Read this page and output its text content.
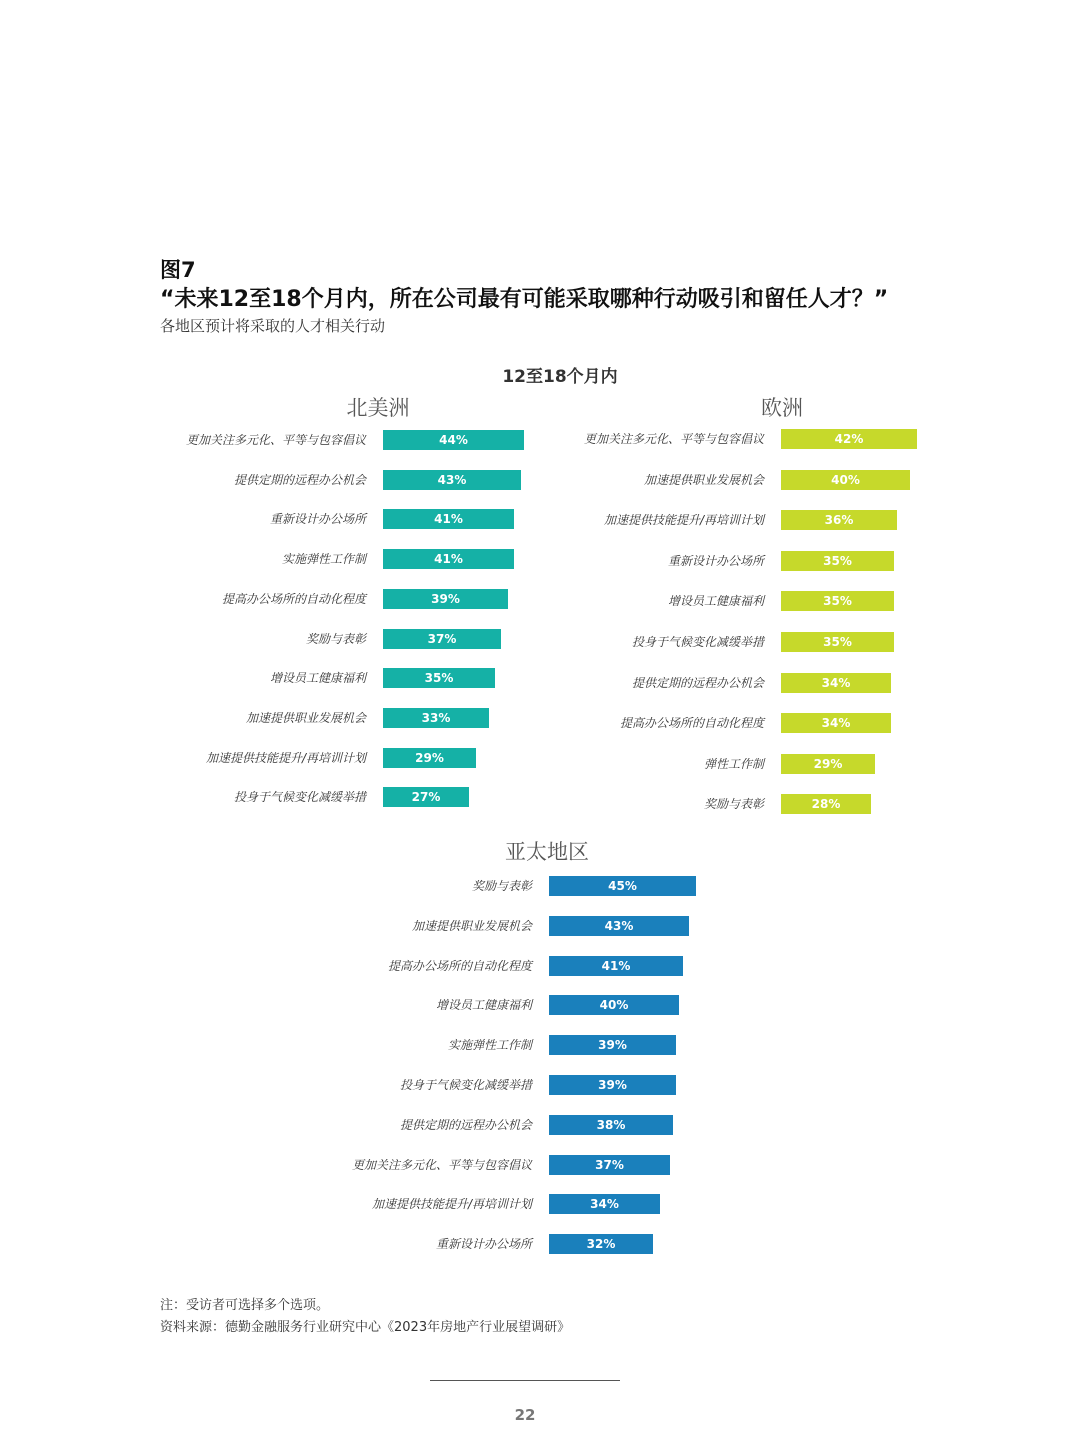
图7
“未来12至18个月内，所在公司最有可能采取哪种行动吸引和留任人才？”
各地区预计将采取的人才相关行动
12至18个月内
北美洲
更加关注多元化、平等与包容倡议	44%
提供定期的远程办公机会	43%
重新设计办公场所	41%
实施弹性工作制	41%
提高办公场所的自动化程度	39%
奖励与表彰	37%
增设员工健康福利	35%
加速提供职业发展机会	33%
加速提供技能提升/再培训计划	29%
投身于气候变化减缓举措	27%
欧洲
更加关注多元化、平等与包容倡议	42%
加速提供职业发展机会	40%
加速提供技能提升/再培训计划	36%
重新设计办公场所	35%
增设员工健康福利	35%
投身于气候变化减缓举措	35%
提供定期的远程办公机会	34%
提高办公场所的自动化程度	34%
弹性工作制	29%
奖励与表彰	28%
亚太地区
奖励与表彰	45%
加速提供职业发展机会	43%
提高办公场所的自动化程度	41%
增设员工健康福利	40%
实施弹性工作制	39%
投身于气候变化减缓举措	39%
提供定期的远程办公机会	38%
更加关注多元化、平等与包容倡议	37%
加速提供技能提升/再培训计划	34%
重新设计办公场所	32%
注：受访者可选择多个选项。
资料来源：德勤金融服务行业研究中心《2023年房地产行业展望调研》
22
